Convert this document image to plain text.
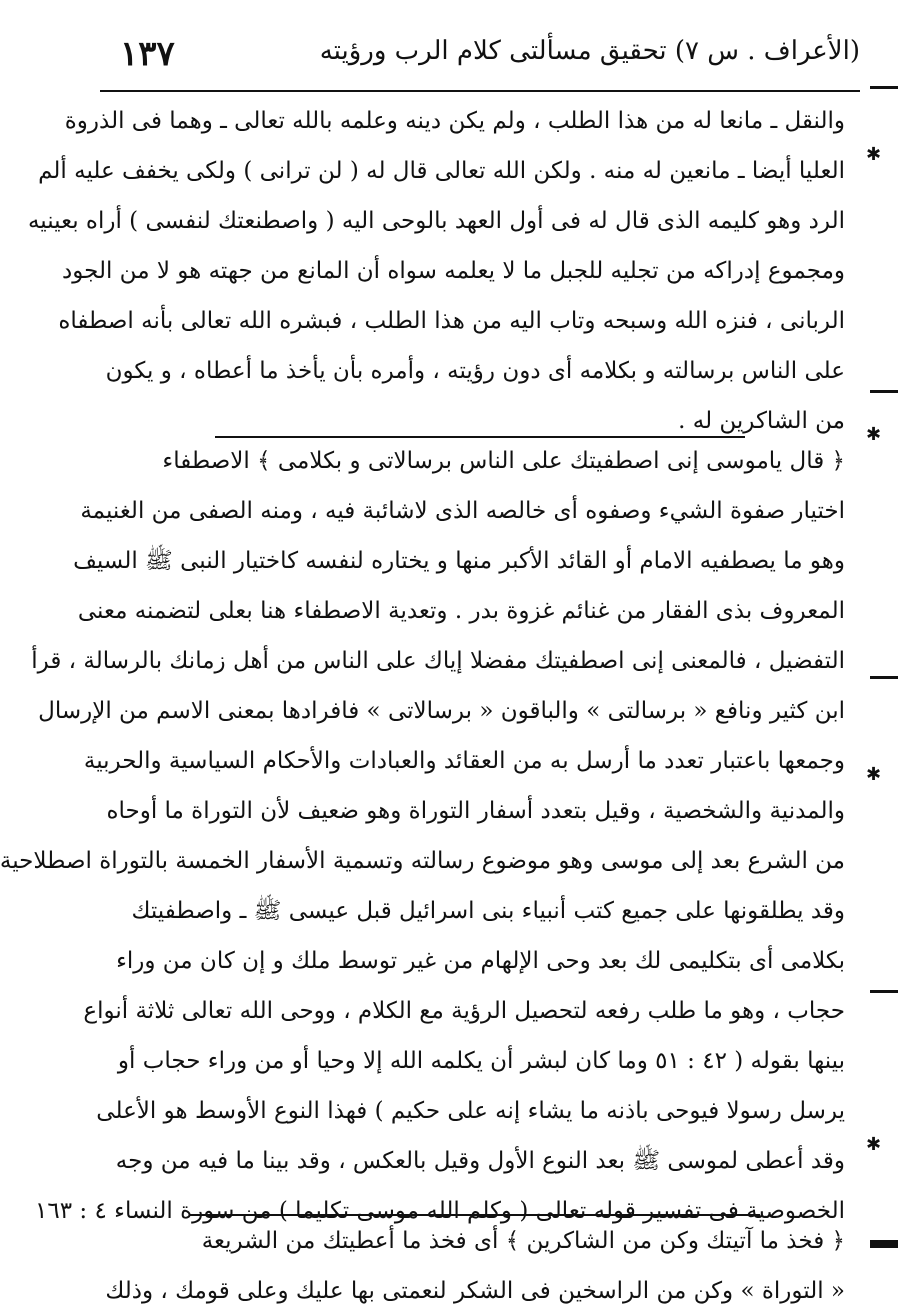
(الأعراف . س ٧) تحقيق مسألتى كلام الرب ورؤيته
١٣٧
والنقل ـ مانعا له من هذا الطلب ، ولم يكن دينه وعلمه بالله تعالى ـ وهما فى الذروة
العليا أيضا ـ مانعين له منه . ولكن الله تعالى قال له ( لن ترانى ) ولكى يخفف عليه ألم
الرد وهو كليمه الذى قال له فى أول العهد بالوحى اليه ( واصطنعتك لنفسى ) أراه بعينيه
ومجموع إدراكه من تجليه للجبل ما لا يعلمه سواه أن المانع من جهته هو لا من الجود
الربانى ، فنزه الله وسبحه وتاب اليه من هذا الطلب ، فبشره الله تعالى بأنه اصطفاه
على الناس برسالته و بكلامه أى دون رؤيته ، وأمره بأن يأخذ ما أعطاه ، و يكون
من الشاكرين له .
﴿ قال ياموسى إنى اصطفيتك على الناس برسالاتى و بكلامى ﴾ الاصطفاء
اختيار صفوة الشيء وصفوه أى خالصه الذى لاشائبة فيه ، ومنه الصفى من الغنيمة
وهو ما يصطفيه الامام أو القائد الأكبر منها و يختاره لنفسه كاختيار النبى ﷺ السيف
المعروف بذى الفقار من غنائم غزوة بدر . وتعدية الاصطفاء هنا بعلى لتضمنه معنى
التفضيل ، فالمعنى إنى اصطفيتك مفضلا إياك على الناس من أهل زمانك بالرسالة ، قرأ
ابن كثير ونافع « برسالتى » والباقون « برسالاتى » فافرادها بمعنى الاسم من الإرسال
وجمعها باعتبار تعدد ما أرسل به من العقائد والعبادات والأحكام السياسية والحربية
والمدنية والشخصية ، وقيل بتعدد أسفار التوراة وهو ضعيف لأن التوراة ما أوحاه
من الشرع بعد إلى موسى وهو موضوع رسالته وتسمية الأسفار الخمسة بالتوراة اصطلاحية
وقد يطلقونها على جميع كتب أنبياء بنى اسرائيل قبل عيسى ﷺ ـ واصطفيتك
بكلامى أى بتكليمى لك بعد وحى الإلهام من غير توسط ملك و إن كان من وراء
حجاب ، وهو ما طلب رفعه لتحصيل الرؤية مع الكلام ، ووحى الله تعالى ثلاثة أنواع
بينها بقوله ( ٤٢ : ٥١ وما كان لبشر أن يكلمه الله إلا وحيا أو من وراء حجاب أو
يرسل رسولا فيوحى باذنه ما يشاء إنه على حكيم ) فهذا النوع الأوسط هو الأعلى
وقد أعطى لموسى ﷺ بعد النوع الأول وقيل بالعكس ، وقد بينا ما فيه من وجه
الخصوصية فى تفسير قوله تعالى ( وكلم الله موسى تكليما ) من سورة النساء ٤ : ١٦٣
﴿ فخذ ما آتيتك وكن من الشاكرين ﴾ أى فخذ ما أعطيتك من الشريعة
« التوراة » وكن من الراسخين فى الشكر لنعمتى بها عليك وعلى قومك ، وذلك
✱
✱
✱
✱
